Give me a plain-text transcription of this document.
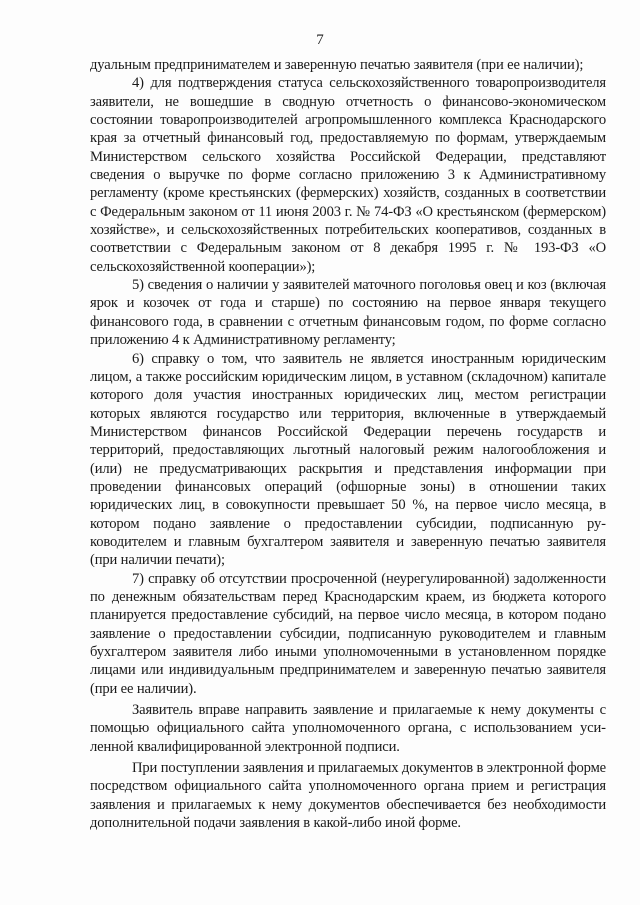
7

дуальным предпринимателем и заверенную печатью заявителя (при ее наличии);

4) для подтверждения статуса сельскохозяйственного товаропроизводителя заявители, не вошедшие в сводную отчетность о финансово-экономическом состоянии товаропроизводителей агропромышленного комплекса Краснодарского края за отчетный финансовый год, предоставляемую по формам, утверждаемым Министерством сельского хозяйства Российской Федерации, представляют сведения о выручке по форме согласно приложению 3 к Административному регламенту (кроме крестьянских (фермерских) хозяйств, созданных в соответствии с Федеральным законом от 11 июня 2003 г. № 74-ФЗ «О крестьянском (фермерском) хозяйстве», и сельскохозяйственных потребительских кооперативов, созданных в соответствии с Федеральным законом от 8 декабря 1995 г. № 193-ФЗ «О сельскохозяйственной кооперации»);

5) сведения о наличии у заявителей маточного поголовья овец и коз (включая ярок и козочек от года и старше) по состоянию на первое января текущего финансового года, в сравнении с отчетным финансовым годом, по форме согласно приложению 4 к Административному регламенту;

6) справку о том, что заявитель не является иностранным юридическим лицом, а также российским юридическим лицом, в уставном (складочном) капитале которого доля участия иностранных юридических лиц, местом регистрации которых являются государство или территория, включенные в утверждаемый Министерством финансов Российской Федерации перечень государств и территорий, предоставляющих льготный налоговый режим налогообложения и (или) не предусматривающих раскрытия и представления информации при проведении финансовых операций (офшорные зоны) в отношении таких юридических лиц, в совокупности превышает 50 %, на первое число месяца, в котором подано заявление о предоставлении субсидии, подписанную руководителем и главным бухгалтером заявителя и заверенную печатью заявителя (при наличии печати);

7) справку об отсутствии просроченной (неурегулированной) задолженности по денежным обязательствам перед Краснодарским краем, из бюджета которого планируется предоставление субсидий, на первое число месяца, в котором подано заявление о предоставлении субсидии, подписанную руководителем и главным бухгалтером заявителя либо иными уполномоченными в установленном порядке лицами или индивидуальным предпринимателем и заверенную печатью заявителя (при ее наличии).

Заявитель вправе направить заявление и прилагаемые к нему документы с помощью официального сайта уполномоченного органа, с использованием усиленной квалифицированной электронной подписи.

При поступлении заявления и прилагаемых документов в электронной форме посредством официального сайта уполномоченного органа прием и регистрация заявления и прилагаемых к нему документов обеспечивается без необходимости дополнительной подачи заявления в какой-либо иной форме.
